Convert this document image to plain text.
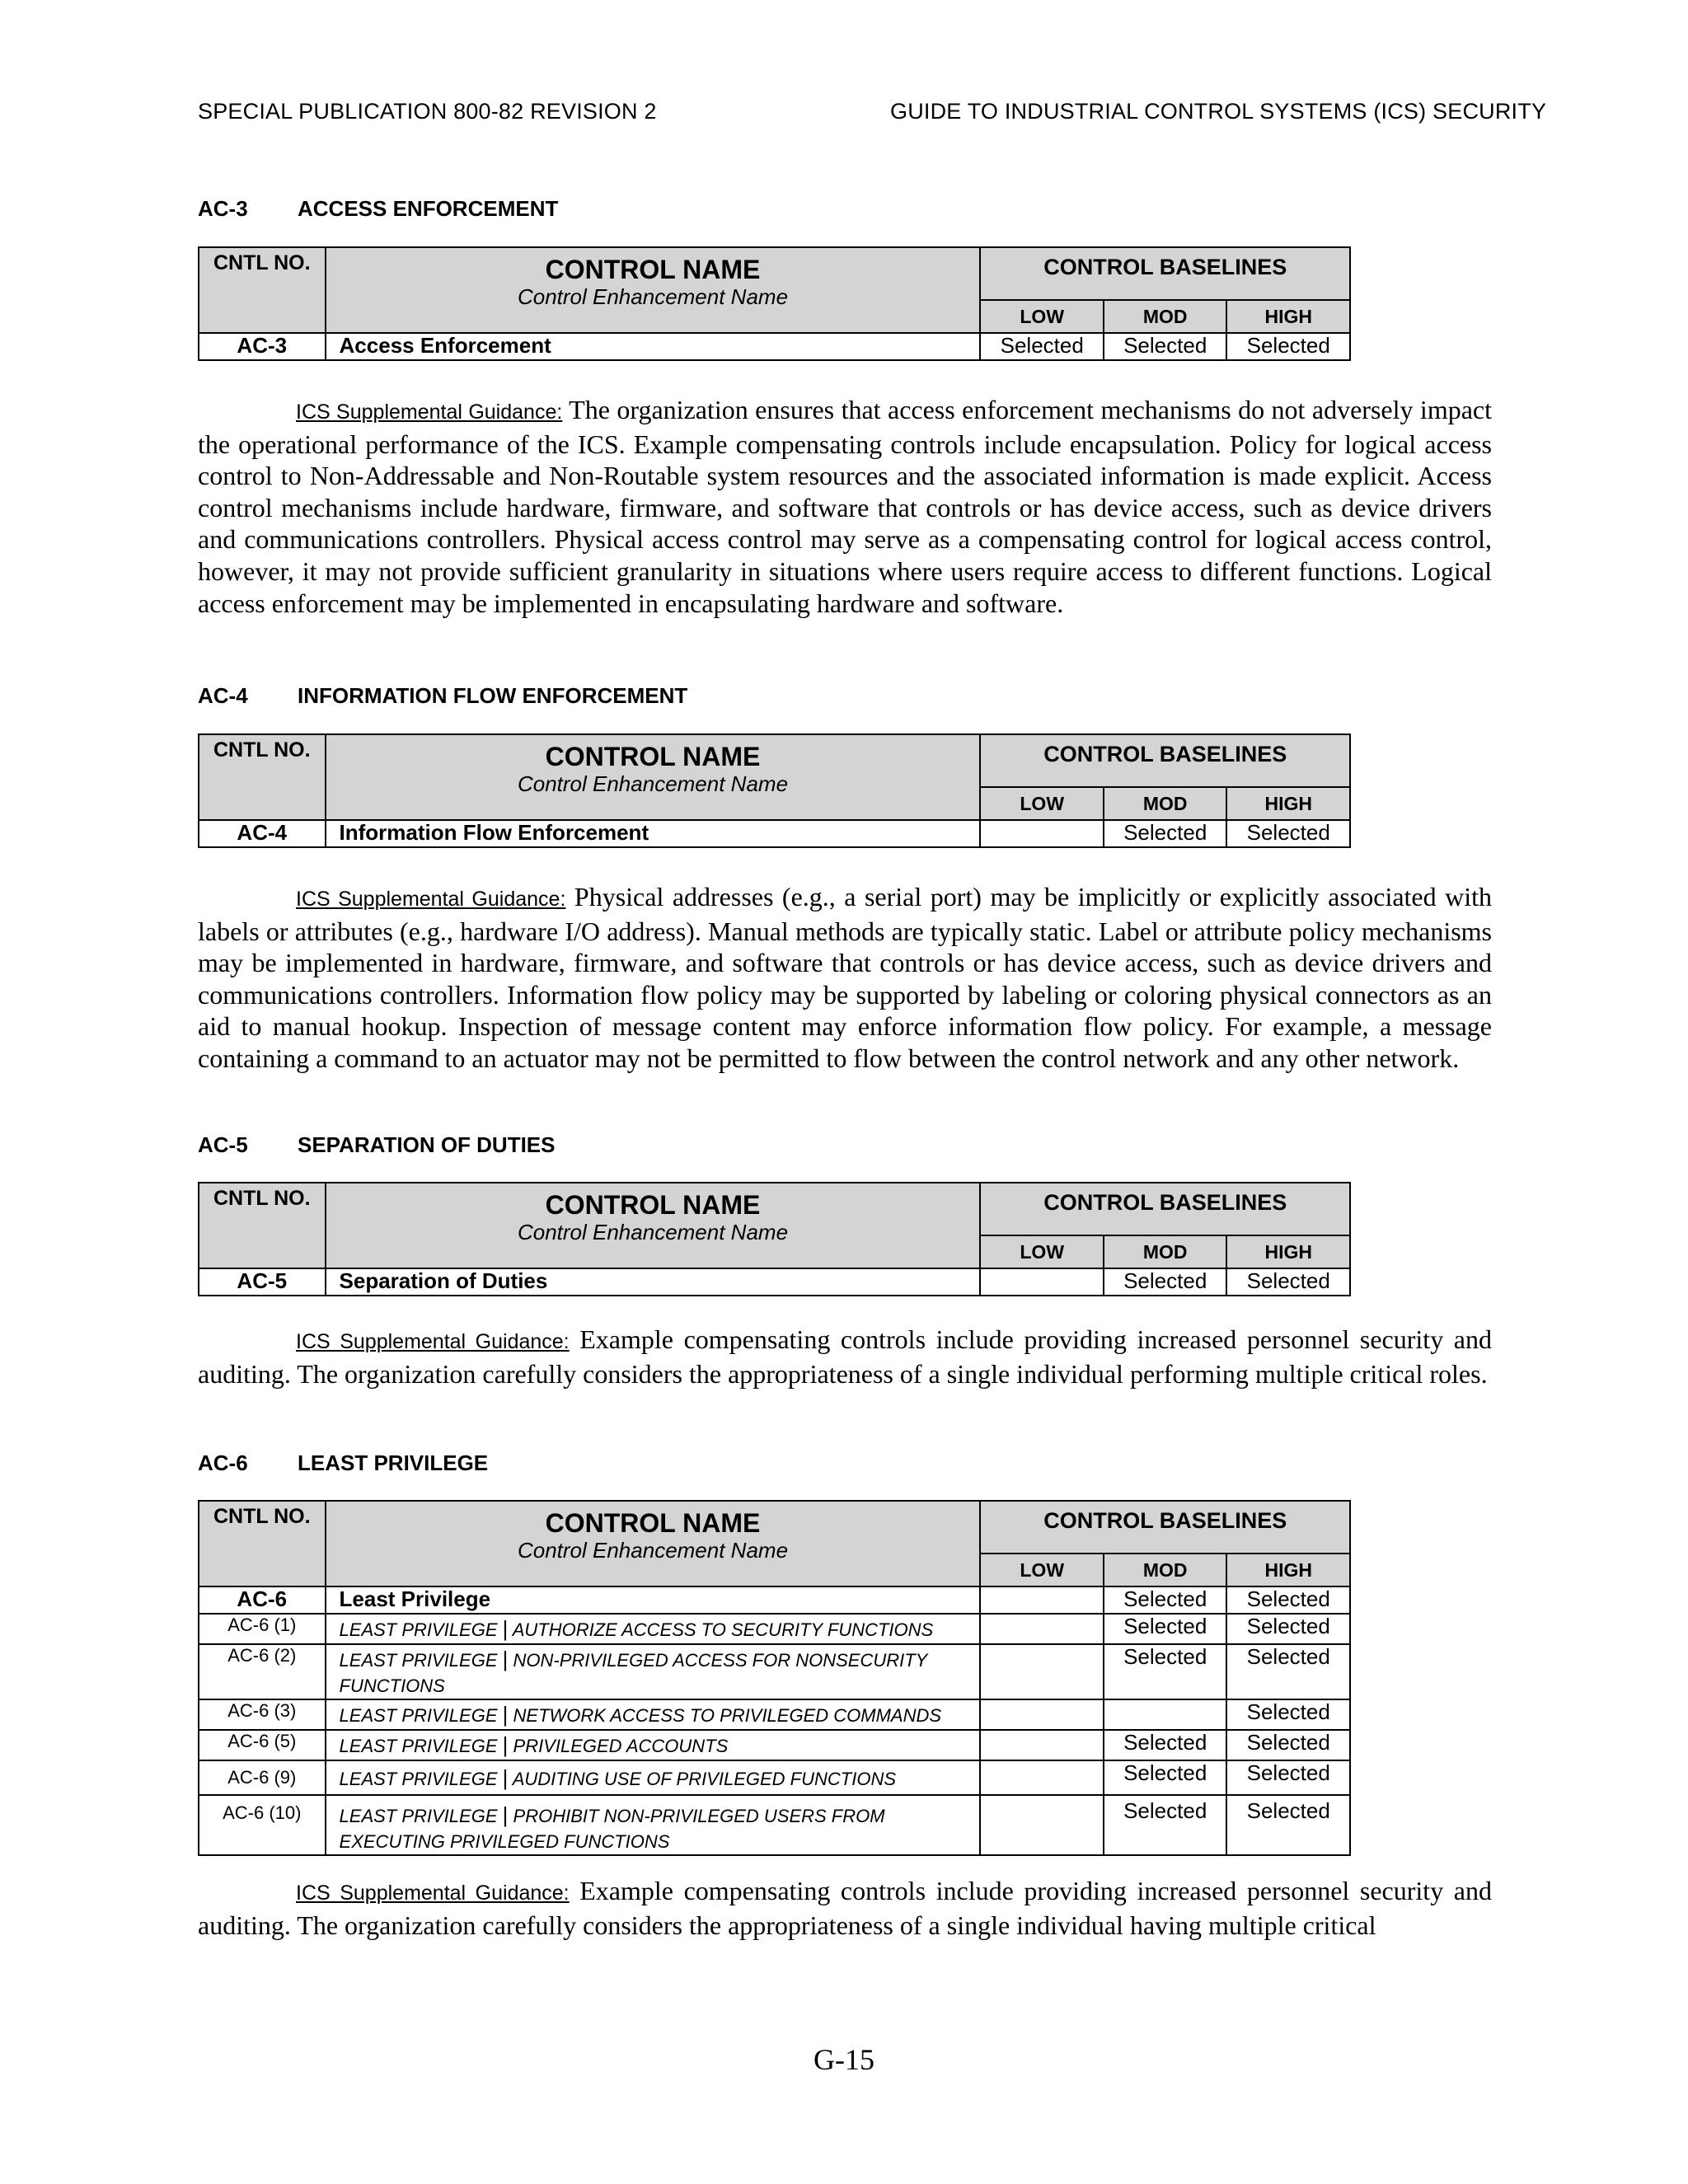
SPECIAL PUBLICATION 800-82 REVISION 2	GUIDE TO INDUSTRIAL CONTROL SYSTEMS (ICS) SECURITY
AC-3 ACCESS ENFORCEMENT
CNTL NO.	CONTROL NAME
Control Enhancement Name	CONTROL BASELINES		
		LOW	MOD	HIGH
AC-3	Access Enforcement	Selected	Selected	Selected

ICS Supplemental Guidance: The organization ensures that access enforcement mechanisms do not adversely impact the operational performance of the ICS. Example compensating controls include encapsulation. Policy for logical access control to Non-Addressable and Non-Routable system resources and the associated information is made explicit. Access control mechanisms include hardware, firmware, and software that controls or has device access, such as device drivers and communications controllers. Physical access control may serve as a compensating control for logical access control, however, it may not provide sufficient granularity in situations where users require access to different functions. Logical access enforcement may be implemented in encapsulating hardware and software.

AC-4 INFORMATION FLOW ENFORCEMENT
CNTL NO.	CONTROL NAME
Control Enhancement Name	CONTROL BASELINES		
		LOW	MOD	HIGH
AC-4	Information Flow Enforcement		Selected	Selected

ICS Supplemental Guidance: Physical addresses (e.g., a serial port) may be implicitly or explicitly associated with labels or attributes (e.g., hardware I/O address). Manual methods are typically static. Label or attribute policy mechanisms may be implemented in hardware, firmware, and software that controls or has device access, such as device drivers and communications controllers. Information flow policy may be supported by labeling or coloring physical connectors as an aid to manual hookup. Inspection of message content may enforce information flow policy. For example, a message containing a command to an actuator may not be permitted to flow between the control network and any other network.

AC-5 SEPARATION OF DUTIES
CNTL NO.	CONTROL NAME
Control Enhancement Name	CONTROL BASELINES		
		LOW	MOD	HIGH
AC-5	Separation of Duties		Selected	Selected

ICS Supplemental Guidance: Example compensating controls include providing increased personnel security and auditing. The organization carefully considers the appropriateness of a single individual performing multiple critical roles.

AC-6 LEAST PRIVILEGE
CNTL NO.	CONTROL NAME
Control Enhancement Name	CONTROL BASELINES		
		LOW	MOD	HIGH
AC-6	Least Privilege		Selected	Selected
AC-6 (1)	LEAST PRIVILEGE | AUTHORIZE ACCESS TO SECURITY FUNCTIONS		Selected	Selected
AC-6 (2)	LEAST PRIVILEGE | NON-PRIVILEGED ACCESS FOR NONSECURITY FUNCTIONS		Selected	Selected
AC-6 (3)	LEAST PRIVILEGE | NETWORK ACCESS TO PRIVILEGED COMMANDS			Selected
AC-6 (5)	LEAST PRIVILEGE | PRIVILEGED ACCOUNTS		Selected	Selected
AC-6 (9)	LEAST PRIVILEGE | AUDITING USE OF PRIVILEGED FUNCTIONS		Selected	Selected
AC-6 (10)	LEAST PRIVILEGE | PROHIBIT NON-PRIVILEGED USERS FROM EXECUTING PRIVILEGED FUNCTIONS		Selected	Selected

ICS Supplemental Guidance: Example compensating controls include providing increased personnel security and auditing. The organization carefully considers the appropriateness of a single individual having multiple critical

G-15
